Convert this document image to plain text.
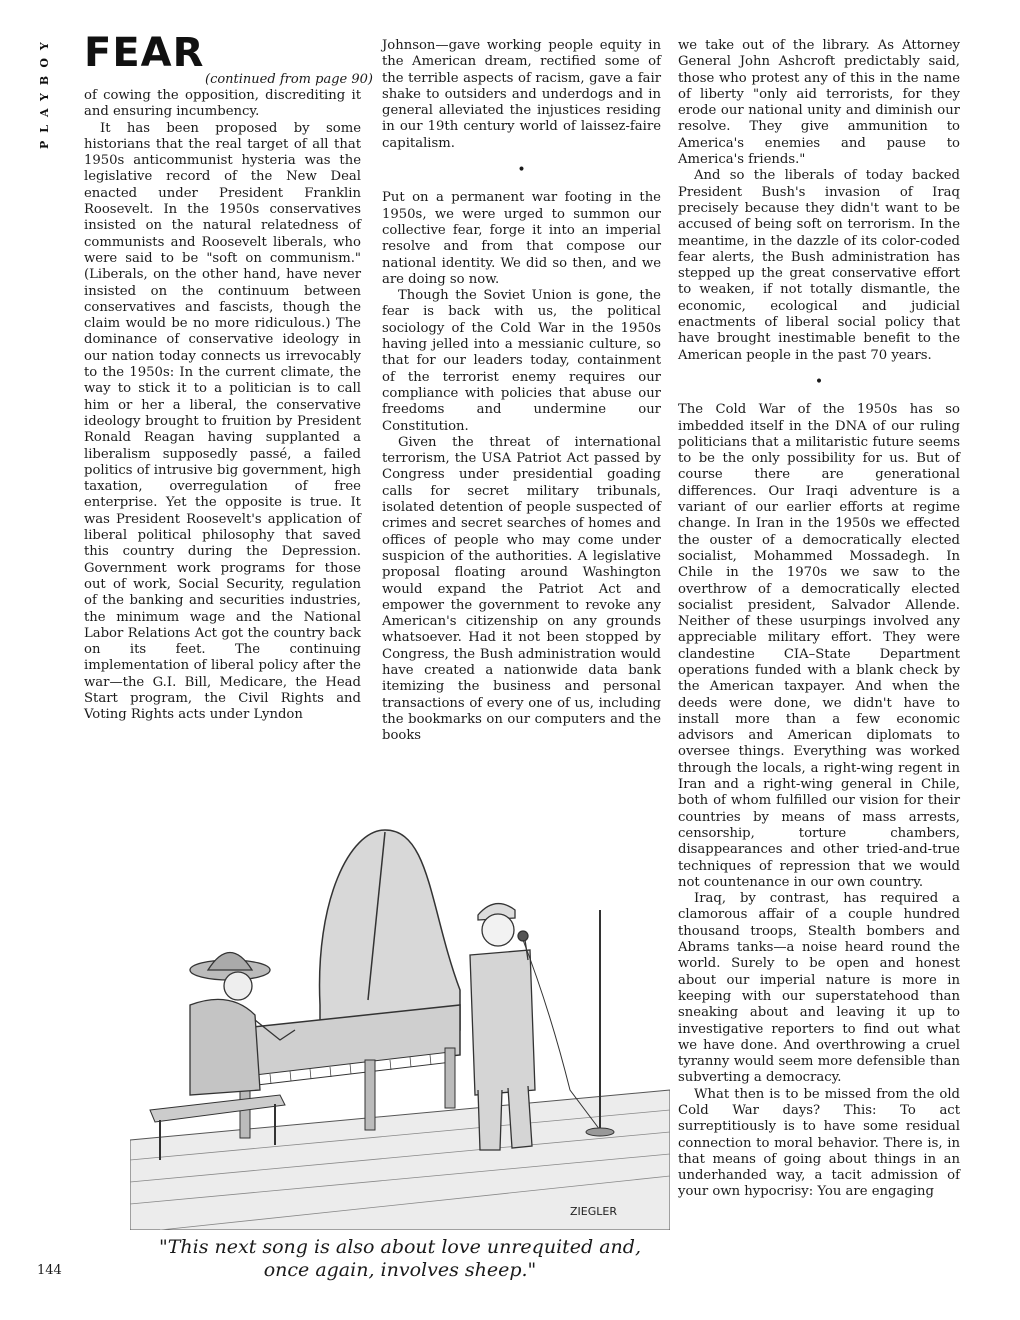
PLAYBOY FEAR
(continued from page 90)

of cowing the opposition, discrediting it and ensuring incumbency.

It has been proposed by some historians that the real target of all that 1950s anticommunist hysteria was the legislative record of the New Deal enacted under President Franklin Roosevelt. In the 1950s conservatives insisted on the natural relatedness of communists and Roosevelt liberals, who were said to be "soft on communism." (Liberals, on the other hand, have never insisted on the continuum between conservatives and fascists, though the claim would be no more ridiculous.) The dominance of conservative ideology in our nation today connects us irrevocably to the 1950s: In the current climate, the way to stick it to a politician is to call him or her a liberal, the conservative ideology brought to fruition by President Ronald Reagan having supplanted a liberalism supposedly passé, a failed politics of intrusive big government, high taxation, overregulation of free enterprise. Yet the opposite is true. It was President Roosevelt's application of liberal political philosophy that saved this country during the Depression. Government work programs for those out of work, Social Security, regulation of the banking and securities industries, the minimum wage and the National Labor Relations Act got the country back on its feet. The continuing implementation of liberal policy after the war—the G.I. Bill, Medicare, the Head Start program, the Civil Rights and Voting Rights acts under Lyndon

Johnson—gave working people equity in the American dream, rectified some of the terrible aspects of racism, gave a fair shake to outsiders and underdogs and in general alleviated the injustices residing in our 19th century world of laissez-faire capitalism.

•

Put on a permanent war footing in the 1950s, we were urged to summon our collective fear, forge it into an imperial resolve and from that compose our national identity. We did so then, and we are doing so now.

Though the Soviet Union is gone, the fear is back with us, the political sociology of the Cold War in the 1950s having jelled into a messianic culture, so that for our leaders today, containment of the terrorist enemy requires our compliance with policies that abuse our freedoms and undermine our Constitution.

Given the threat of international terrorism, the USA Patriot Act passed by Congress under presidential goading calls for secret military tribunals, isolated detention of people suspected of crimes and secret searches of homes and offices of people who may come under suspicion of the authorities. A legislative proposal floating around Washington would expand the Patriot Act and empower the government to revoke any American's citizenship on any grounds whatsoever. Had it not been stopped by Congress, the Bush administration would have created a nationwide data bank itemizing the business and personal transactions of every one of us, including the bookmarks on our computers and the books

we take out of the library. As Attorney General John Ashcroft predictably said, those who protest any of this in the name of liberty "only aid terrorists, for they erode our national unity and diminish our resolve. They give ammunition to America's enemies and pause to America's friends."

And so the liberals of today backed President Bush's invasion of Iraq precisely because they didn't want to be accused of being soft on terrorism. In the meantime, in the dazzle of its color-coded fear alerts, the Bush administration has stepped up the great conservative effort to weaken, if not totally dismantle, the economic, ecological and judicial enactments of liberal social policy that have brought inestimable benefit to the American people in the past 70 years.

•

The Cold War of the 1950s has so imbedded itself in the DNA of our ruling politicians that a militaristic future seems to be the only possibility for us. But of course there are generational differences. Our Iraqi adventure is a variant of our earlier efforts at regime change. In Iran in the 1950s we effected the ouster of a democratically elected socialist, Mohammed Mossadegh. In Chile in the 1970s we saw to the overthrow of a democratically elected socialist president, Salvador Allende. Neither of these usurpings involved any appreciable military effort. They were clandestine CIA–State Department operations funded with a blank check by the American taxpayer. And when the deeds were done, we didn't have to install more than a few economic advisors and American diplomats to oversee things. Everything was worked through the locals, a right-wing regent in Iran and a right-wing general in Chile, both of whom fulfilled our vision for their countries by means of mass arrests, censorship, torture chambers, disappearances and other tried-and-true techniques of repression that we would not countenance in our own country.

Iraq, by contrast, has required a clamorous affair of a couple hundred thousand troops, Stealth bombers and Abrams tanks—a noise heard round the world. Surely to be open and honest about our imperial nature is more in keeping with our superstatehood than sneaking about and leaving it up to investigative reporters to find out what we have done. And overthrowing a cruel tyranny would seem more defensible than subverting a democracy.

What then is to be missed from the old Cold War days? This: To act surreptitiously is to have some residual connection to moral behavior. There is, in that means of going about things in an underhanded way, a tacit admission of your own hypocrisy: You are engaging

ZIEGLER
"This next song is also about love unrequited and,
once again, involves sheep."
144
